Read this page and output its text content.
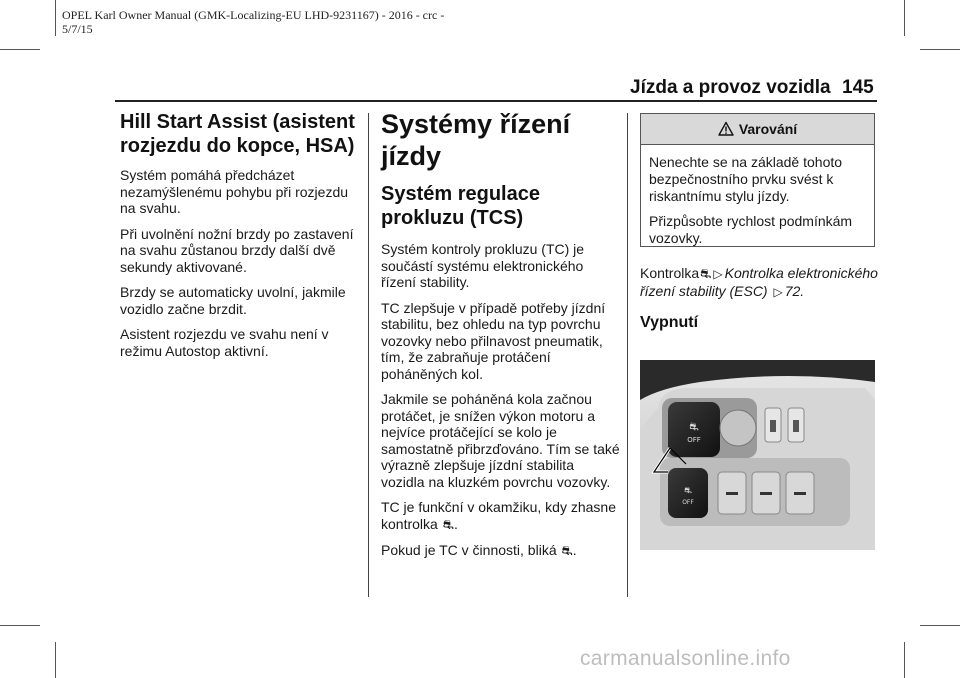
OPEL Karl Owner Manual (GMK-Localizing-EU LHD-9231167) - 2016 - crc -
5/7/15
Jízda a provoz vozidla 145
Hill Start Assist (asistent rozjezdu do kopce, HSA)

Systém pomáhá předcházet nezamýšlenému pohybu při rozjezdu na svahu.

Při uvolnění nožní brzdy po zastavení na svahu zůstanou brzdy další dvě sekundy aktivované.

Brzdy se automaticky uvolní, jakmile vozidlo začne brzdit.

Asistent rozjezdu ve svahu není v režimu Autostop aktivní.

Systémy řízení jízdy
Systém regulace prokluzu (TCS)

Systém kontroly prokluzu (TC) je součástí systému elektronického řízení stability.

TC zlepšuje v případě potřeby jízdní stabilitu, bez ohledu na typ povrchu vozovky nebo přilnavost pneumatik, tím, že zabraňuje protáčení poháněných kol.

Jakmile se poháněná kola začnou protáčet, je snížen výkon motoru a nejvíce protáčející se kolo je samostatně přibrzďováno. Tím se také výrazně zlepšuje jízdní stabilita vozidla na kluzkém povrchu vozovky.

TC je funkční v okamžiku, kdy zhasne kontrolka ⛐.

Pokud je TC v činnosti, bliká ⛐.

Varování

Nenechte se na základě tohoto bezpečnostního prvku svést k riskantnímu stylu jízdy.

Přizpůsobte rychlost podmínkám vozovky.

Kontrolka⛐ ▷ Kontrolka elektronického řízení stability (ESC) ▷ 72.

Vypnutí
⛐
OFF
⛐
OFF
carmanualsonline.info
